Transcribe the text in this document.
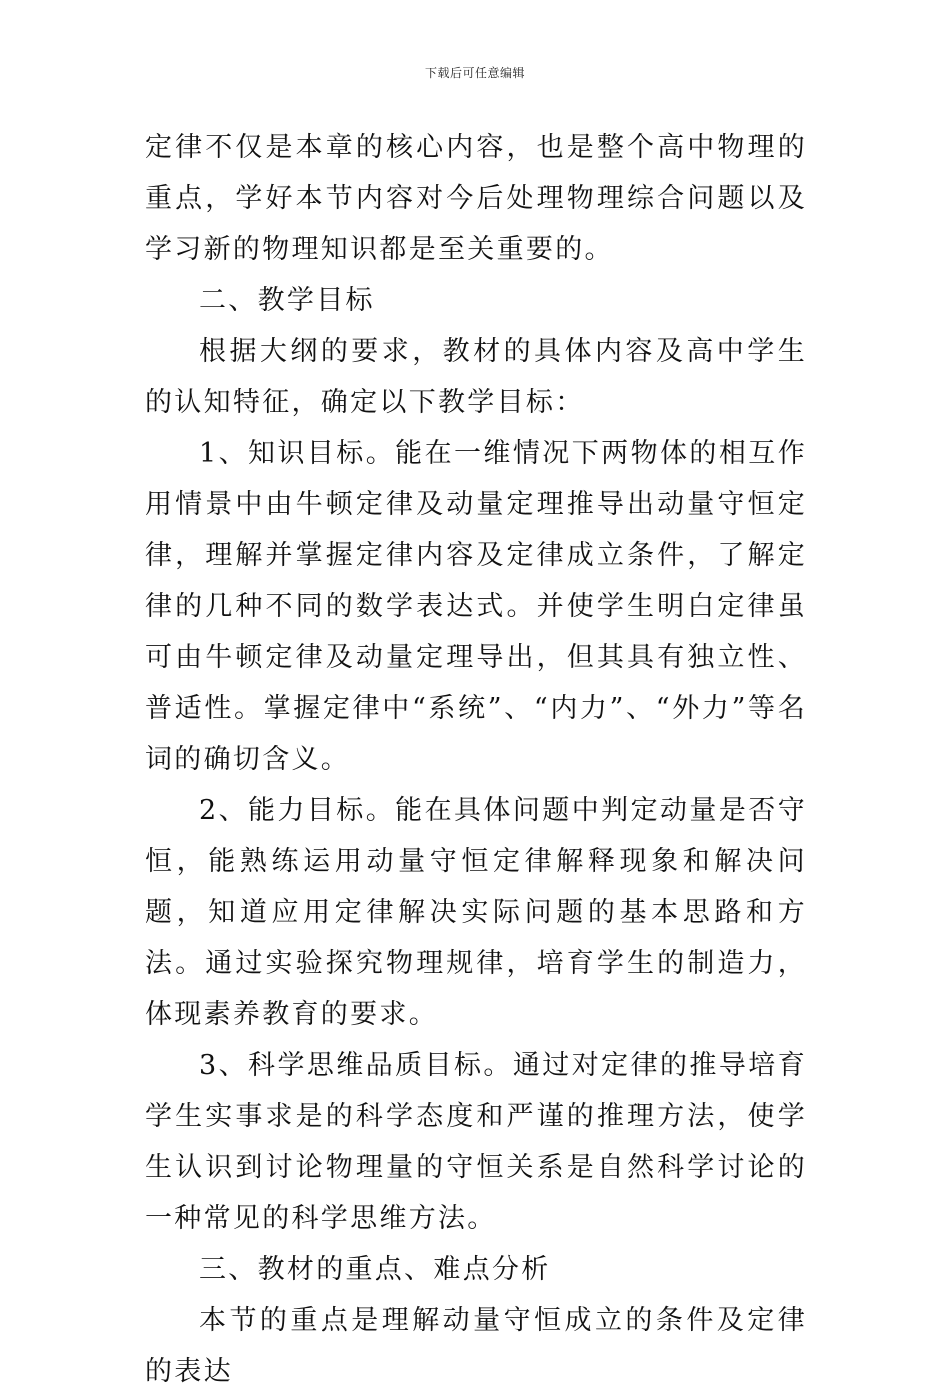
下载后可任意编辑

定律不仅是本章的核心内容，也是整个高中物理的重点，学好本节内容对今后处理物理综合问题以及学习新的物理知识都是至关重要的。

二、教学目标

根据大纲的要求，教材的具体内容及高中学生的认知特征，确定以下教学目标：

1、知识目标。能在一维情况下两物体的相互作用情景中由牛顿定律及动量定理推导出动量守恒定律，理解并掌握定律内容及定律成立条件，了解定律的几种不同的数学表达式。并使学生明白定律虽可由牛顿定律及动量定理导出，但其具有独立性、普适性。掌握定律中“系统”、“内力”、“外力”等名词的确切含义。

2、能力目标。能在具体问题中判定动量是否守恒，能熟练运用动量守恒定律解释现象和解决问题，知道应用定律解决实际问题的基本思路和方法。通过实验探究物理规律，培育学生的制造力，体现素养教育的要求。

3、科学思维品质目标。通过对定律的推导培育学生实事求是的科学态度和严谨的推理方法，使学生认识到讨论物理量的守恒关系是自然科学讨论的一种常见的科学思维方法。

三、教材的重点、难点分析

本节的重点是理解动量守恒成立的条件及定律的表达
